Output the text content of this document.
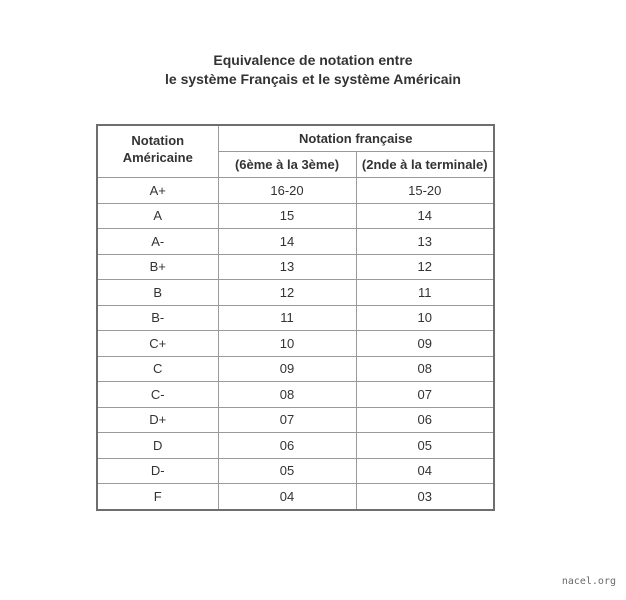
Equivalence de notation entre
le système Français et le système Américain
Notation
Américaine	Notation française	
	(6ème à la 3ème)	(2nde à la terminale)
A+	16-20	15-20
A	15	14
A-	14	13
B+	13	12
B	12	11
B-	11	10
C+	10	09
C	09	08
C-	08	07
D+	07	06
D	06	05
D-	05	04
F	04	03
nacel.org
